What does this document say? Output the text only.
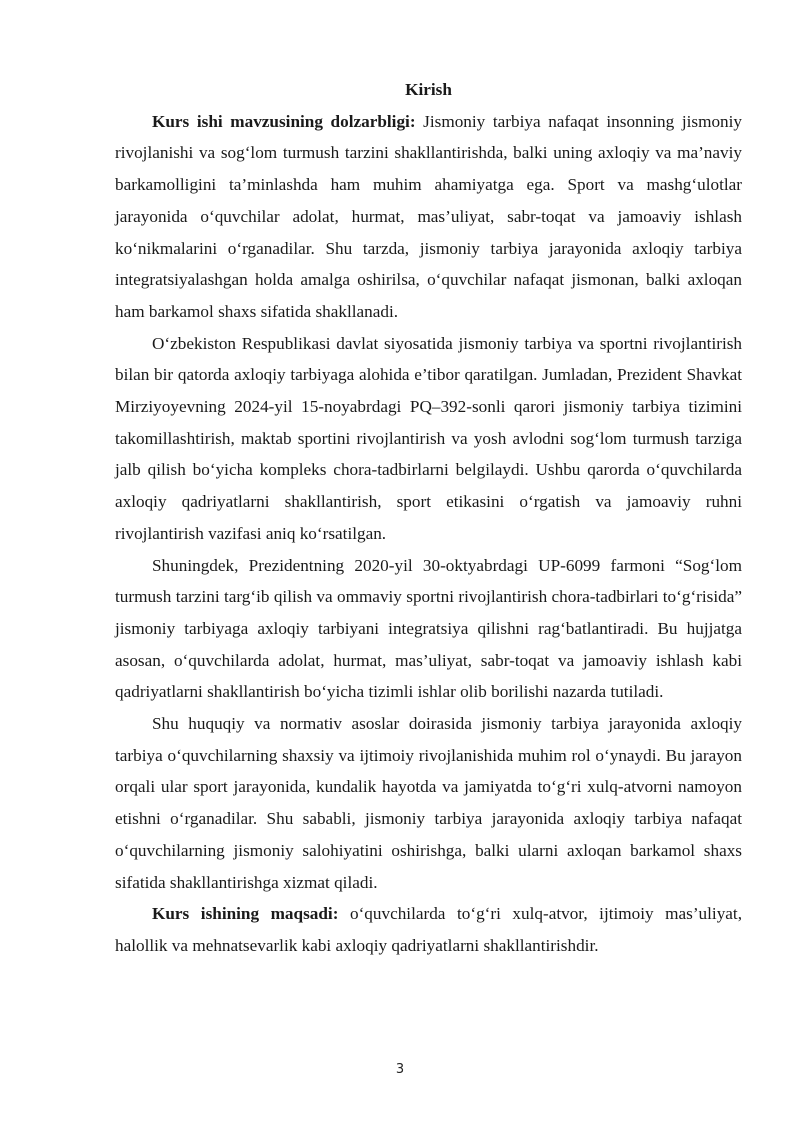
Kirish

Kurs ishi mavzusining dolzarbligi: Jismoniy tarbiya nafaqat insonning jismoniy rivojlanishi va sog‘lom turmush tarzini shakllantirishda, balki uning axloqiy va ma’naviy barkamolligini ta’minlashda ham muhim ahamiyatga ega. Sport va mashg‘ulotlar jarayonida o‘quvchilar adolat, hurmat, mas’uliyat, sabr-toqat va jamoaviy ishlash ko‘nikmalarini o‘rganadilar. Shu tarzda, jismoniy tarbiya jarayonida axloqiy tarbiya integratsiyalashgan holda amalga oshirilsa, o‘quvchilar nafaqat jismonan, balki axloqan ham barkamol shaxs sifatida shakllanadi.

O‘zbekiston Respublikasi davlat siyosatida jismoniy tarbiya va sportni rivojlantirish bilan bir qatorda axloqiy tarbiyaga alohida e’tibor qaratilgan. Jumladan, Prezident Shavkat Mirziyoyevning 2024-yil 15-noyabrdagi PQ–392-sonli qarori jismoniy tarbiya tizimini takomillashtirish, maktab sportini rivojlantirish va yosh avlodni sog‘lom turmush tarziga jalb qilish bo‘yicha kompleks chora-tadbirlarni belgilaydi. Ushbu qarorda o‘quvchilarda axloqiy qadriyatlarni shakllantirish, sport etikasini o‘rgatish va jamoaviy ruhni rivojlantirish vazifasi aniq ko‘rsatilgan.

Shuningdek, Prezidentning 2020-yil 30-oktyabrdagi UP-6099 farmoni “Sog‘lom turmush tarzini targ‘ib qilish va ommaviy sportni rivojlantirish chora-tadbirlari to‘g‘risida” jismoniy tarbiyaga axloqiy tarbiyani integratsiya qilishni rag‘batlantiradi. Bu hujjatga asosan, o‘quvchilarda adolat, hurmat, mas’uliyat, sabr-toqat va jamoaviy ishlash kabi qadriyatlarni shakllantirish bo‘yicha tizimli ishlar olib borilishi nazarda tutiladi.

Shu huquqiy va normativ asoslar doirasida jismoniy tarbiya jarayonida axloqiy tarbiya o‘quvchilarning shaxsiy va ijtimoiy rivojlanishida muhim rol o‘ynaydi. Bu jarayon orqali ular sport jarayonida, kundalik hayotda va jamiyatda to‘g‘ri xulq-atvorni namoyon etishni o‘rganadilar. Shu sababli, jismoniy tarbiya jarayonida axloqiy tarbiya nafaqat o‘quvchilarning jismoniy salohiyatini oshirishga, balki ularni axloqan barkamol shaxs sifatida shakllantirishga xizmat qiladi.

Kurs ishining maqsadi: o‘quvchilarda to‘g‘ri xulq-atvor, ijtimoiy mas’uliyat, halollik va mehnatsevarlik kabi axloqiy qadriyatlarni shakllantirishdir.

3
